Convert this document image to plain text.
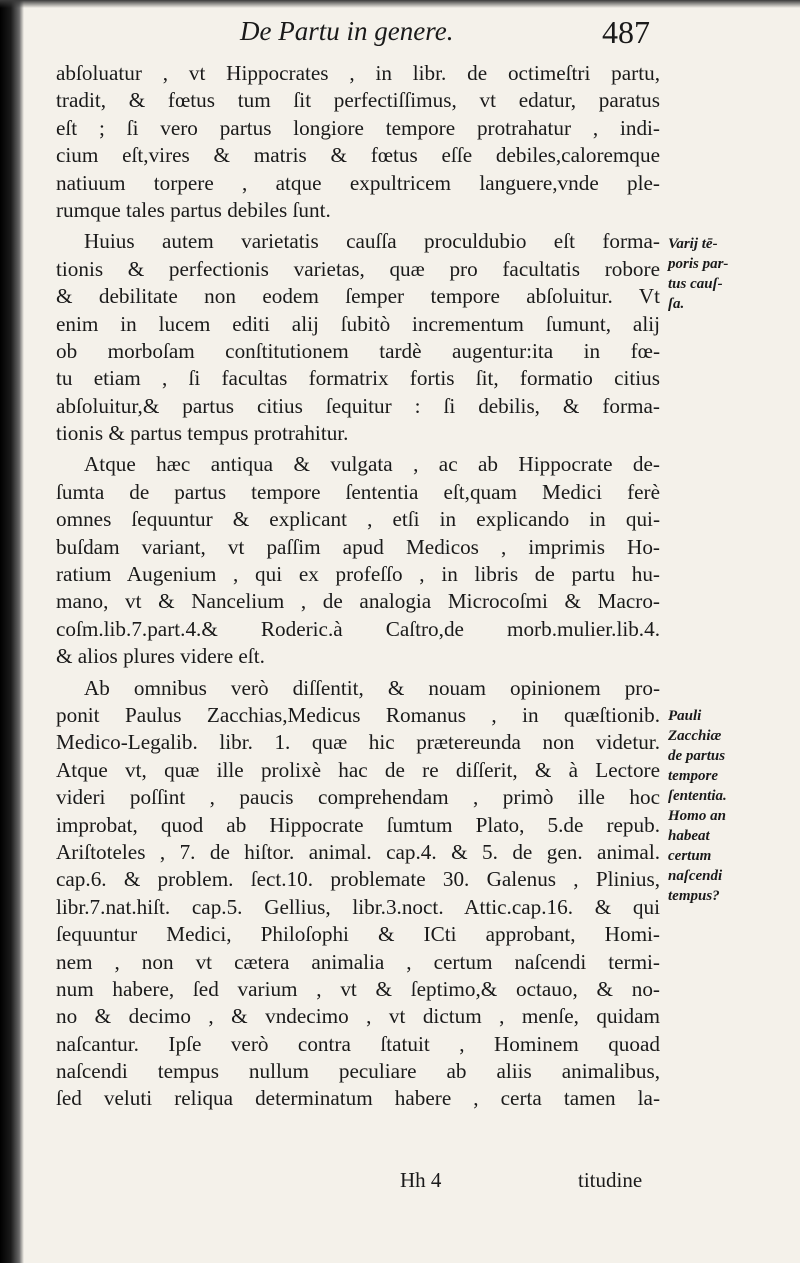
De Partu in genere.	487
abſoluatur , vt Hippocrates , in libr. de octimeſtri partu,
tradit, & fœtus tum ſit perfectiſſimus, vt edatur, paratus
eſt ; ſi vero partus longiore tempore protrahatur , indi-
cium eſt,vires & matris & fœtus eſſe debiles,caloremque
natiuum torpere , atque expultricem languere,vnde ple-
rumque tales partus debiles ſunt.
Huius autem varietatis cauſſa proculdubio eſt forma-
tionis & perfectionis varietas, quæ pro facultatis robore
& debilitate non eodem ſemper tempore abſoluitur. Vt
enim in lucem editi alij ſubitò incrementum ſumunt, alij
ob morboſam conſtitutionem tardè augentur:ita in fœ-
tu etiam , ſi facultas formatrix fortis ſit, formatio citius
abſoluitur,& partus citius ſequitur : ſi debilis, & forma-
tionis & partus tempus protrahitur.
Atque hæc antiqua & vulgata , ac ab Hippocrate de-
ſumta de partus tempore ſententia eſt,quam Medici ferè
omnes ſequuntur & explicant , etſi in explicando in qui-
buſdam variant, vt paſſim apud Medicos , imprimis Ho-
ratium Augenium , qui ex profeſſo , in libris de partu hu-
mano, vt & Nancelium , de analogia Microcoſmi & Macro-
coſm.lib.7.part.4.& Roderic.à Caſtro,de morb.mulier.lib.4.
& alios plures videre eſt.
Ab omnibus verò diſſentit, & nouam opinionem pro-
ponit Paulus Zacchias,Medicus Romanus , in quæſtionib.
Medico-Legalib. libr. 1. quæ hic prætereunda non videtur.
Atque vt, quæ ille prolixè hac de re diſſerit, & à Lectore
videri poſſint , paucis comprehendam , primò ille hoc
improbat, quod ab Hippocrate ſumtum Plato, 5.de repub.
Ariſtoteles , 7. de hiſtor. animal. cap.4. & 5. de gen. animal.
cap.6. & problem. ſect.10. problemate 30. Galenus , Plinius,
libr.7.nat.hiſt. cap.5. Gellius, libr.3.noct. Attic.cap.16. & qui
ſequuntur Medici, Philoſophi & ICti approbant, Homi-
nem , non vt cætera animalia , certum naſcendi termi-
num habere, ſed varium , vt & ſeptimo,& octauo, & no-
no & decimo , & vndecimo , vt dictum , menſe, quidam
naſcantur. Ipſe verò contra ſtatuit , Hominem quoad
naſcendi tempus nullum peculiare ab aliis animalibus,
ſed veluti reliqua determinatum habere , certa tamen la-
Varij tē-
poris par-
tus cauſ-
ſa.
Pauli
Zacchiæ
de partus
tempore
ſententia.
Homo an
habeat
certum
naſcendi
tempus?
Hh 4	titudine
